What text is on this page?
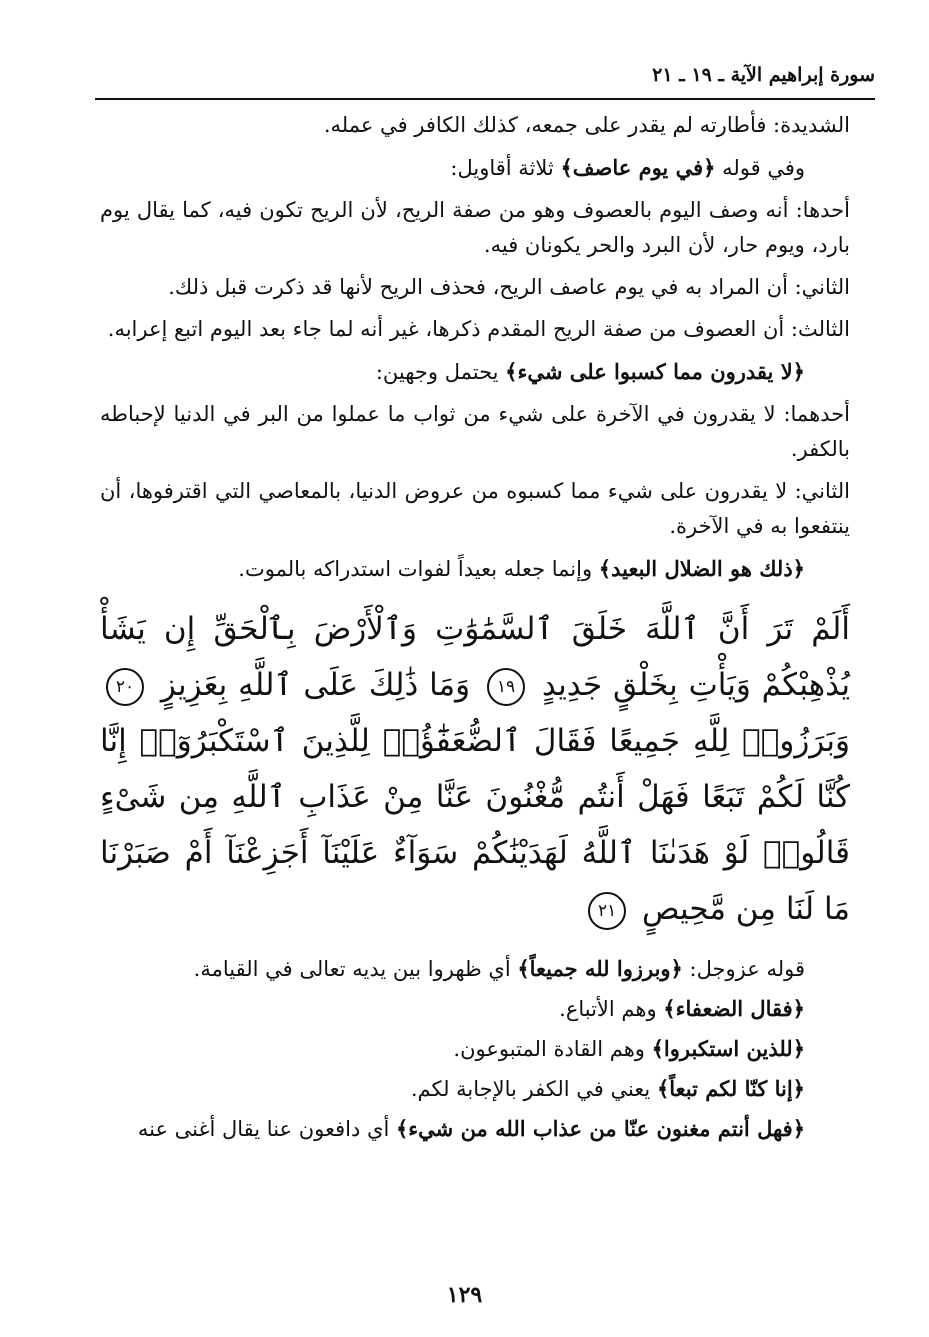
سورة إبراهيم الآية ـ ١٩ ـ ٢١

الشديدة: فأطارته لم يقدر على جمعه، كذلك الكافر في عمله.

وفي قوله ﴿في يوم عاصف﴾ ثلاثة أقاويل:

أحدها: أنه وصف اليوم بالعصوف وهو من صفة الريح، لأن الريح تكون فيه، كما يقال يوم بارد، ويوم حار، لأن البرد والحر يكونان فيه.

الثاني: أن المراد به في يوم عاصف الريح، فحذف الريح لأنها قد ذكرت قبل ذلك.

الثالث: أن العصوف من صفة الريح المقدم ذكرها، غير أنه لما جاء بعد اليوم اتبع إعرابه.

﴿لا يقدرون مما كسبوا على شيء﴾ يحتمل وجهين:

أحدهما: لا يقدرون في الآخرة على شيء من ثواب ما عملوا من البر في الدنيا لإحباطه بالكفر.

الثاني: لا يقدرون على شيء مما كسبوه من عروض الدنيا، بالمعاصي التي اقترفوها، أن ينتفعوا به في الآخرة.

﴿ذلك هو الضلال البعيد﴾ وإنما جعله بعيداً لفوات استدراكه بالموت.

أَلَمْ تَرَ أَنَّ ٱللَّهَ خَلَقَ ٱلسَّمَٰوَٰتِ وَٱلْأَرْضَ بِٱلْحَقِّ إِن يَشَأْ يُذْهِبْكُمْ وَيَأْتِ بِخَلْقٍ جَدِيدٍ ١٩ وَمَا ذَٰلِكَ عَلَى ٱللَّهِ بِعَزِيزٍ ٢٠ وَبَرَزُوا۟ لِلَّهِ جَمِيعًا فَقَالَ ٱلضُّعَفَٰٓؤُا۟ لِلَّذِينَ ٱسْتَكْبَرُوٓا۟ إِنَّا كُنَّا لَكُمْ تَبَعًا فَهَلْ أَنتُم مُّغْنُونَ عَنَّا مِنْ عَذَابِ ٱللَّهِ مِن شَىْءٍ قَالُوا۟ لَوْ هَدَىٰنَا ٱللَّهُ لَهَدَيْنَٰكُمْ سَوَآءٌ عَلَيْنَآ أَجَزِعْنَآ أَمْ صَبَرْنَا مَا لَنَا مِن مَّحِيصٍ ٢١

قوله عزوجل: ﴿وبرزوا لله جميعاً﴾ أي ظهروا بين يديه تعالى في القيامة.

﴿فقال الضعفاء﴾ وهم الأتباع.

﴿للذين استكبروا﴾ وهم القادة المتبوعون.

﴿إنا كنّا لكم تبعاً﴾ يعني في الكفر بالإجابة لكم.

﴿فهل أنتم مغنون عنّا من عذاب الله من شيء﴾ أي دافعون عنا يقال أغنى عنه

١٢٩
